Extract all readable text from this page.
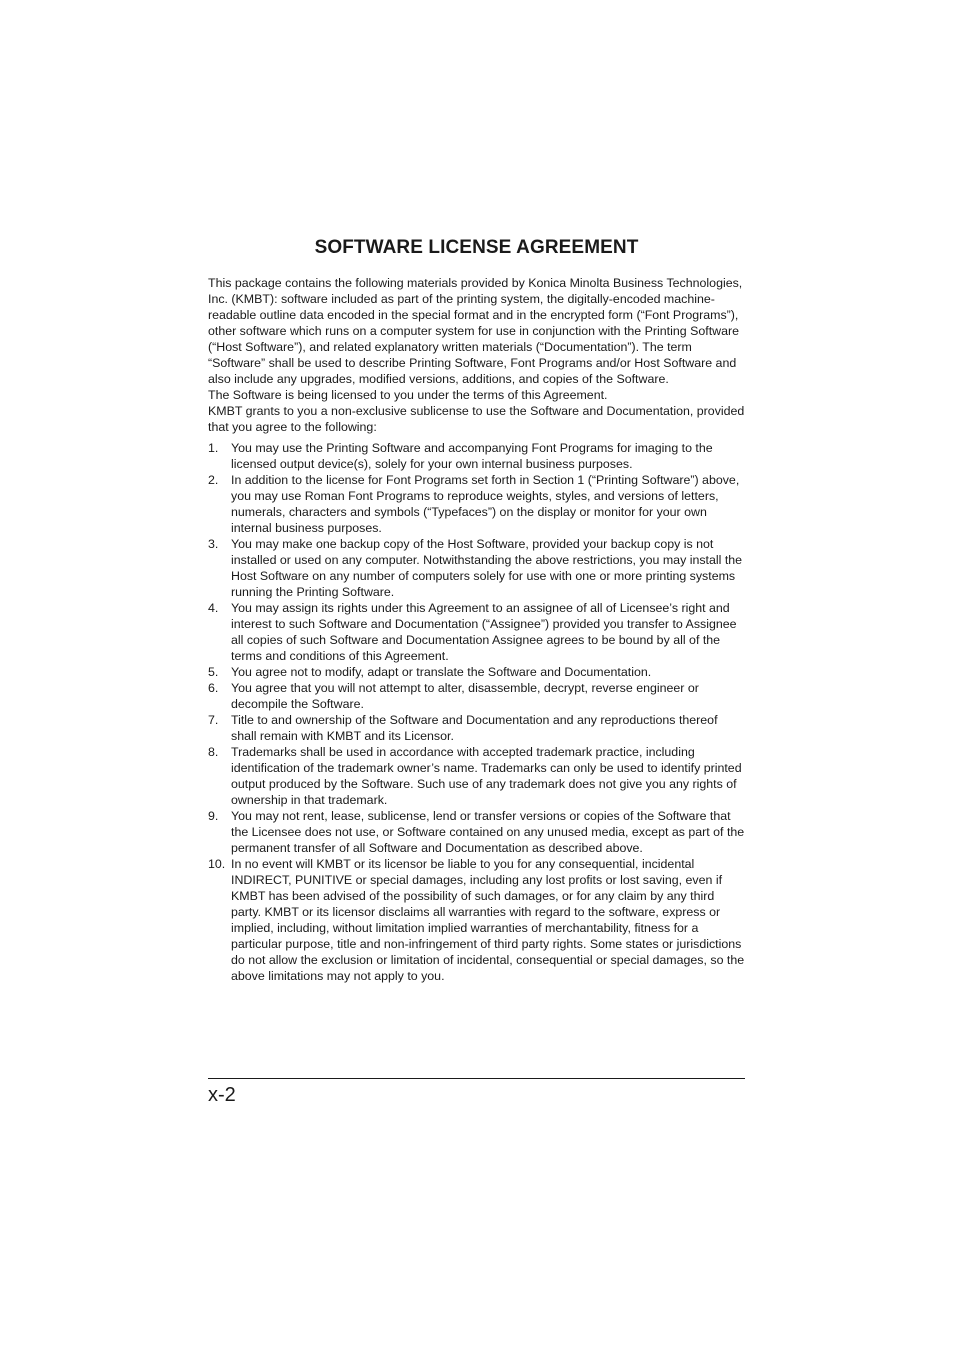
SOFTWARE LICENSE AGREEMENT

This package contains the following materials provided by Konica Minolta Business Technologies, Inc. (KMBT): software included as part of the printing system, the digitally-encoded machine-readable outline data encoded in the special format and in the encrypted form (“Font Programs”), other software which runs on a computer system for use in conjunction with the Printing Software (“Host Software”), and related explanatory written materials (“Documentation”). The term “Software” shall be used to describe Printing Software, Font Programs and/or Host Software and also include any upgrades, modified versions, additions, and copies of the Software.

The Software is being licensed to you under the terms of this Agreement.

KMBT grants to you a non-exclusive sublicense to use the Software and Documentation, provided that you agree to the following:

1.	You may use the Printing Software and accompanying Font Programs for imaging to the licensed output device(s), solely for your own internal business purposes.
2.	In addition to the license for Font Programs set forth in Section 1 (“Printing Software”) above, you may use Roman Font Programs to reproduce weights, styles, and versions of letters, numerals, characters and symbols (“Typefaces”) on the display or monitor for your own internal business purposes.
3.	You may make one backup copy of the Host Software, provided your backup copy is not installed or used on any computer. Notwithstanding the above restrictions, you may install the Host Software on any number of computers solely for use with one or more printing systems running the Printing Software.
4.	You may assign its rights under this Agreement to an assignee of all of Licensee’s right and interest to such Software and Documentation (“Assignee”) provided you transfer to Assignee all copies of such Software and Documentation Assignee agrees to be bound by all of the terms and conditions of this Agreement.
5.	You agree not to modify, adapt or translate the Software and Documentation.
6.	You agree that you will not attempt to alter, disassemble, decrypt, reverse engineer or decompile the Software.
7.	Title to and ownership of the Software and Documentation and any reproductions thereof shall remain with KMBT and its Licensor.
8.	Trademarks shall be used in accordance with accepted trademark practice, including identification of the trademark owner’s name. Trademarks can only be used to identify printed output produced by the Software. Such use of any trademark does not give you any rights of ownership in that trademark.
9.	You may not rent, lease, sublicense, lend or transfer versions or copies of the Software that the Licensee does not use, or Software contained on any unused media, except as part of the permanent transfer of all Software and Documentation as described above.
10. In no event will KMBT or its licensor be liable to you for any consequential, incidental INDIRECT, PUNITIVE or special damages, including any lost profits or lost saving, even if KMBT has been advised of the possibility of such damages, or for any claim by any third party. KMBT or its licensor disclaims all warranties with regard to the software, express or implied, including, without limitation implied warranties of merchantability, fitness for a particular purpose, title and non-infringement of third party rights. Some states or jurisdictions do not allow the exclusion or limitation of incidental, consequential or special damages, so the above limitations may not apply to you.
x-2
